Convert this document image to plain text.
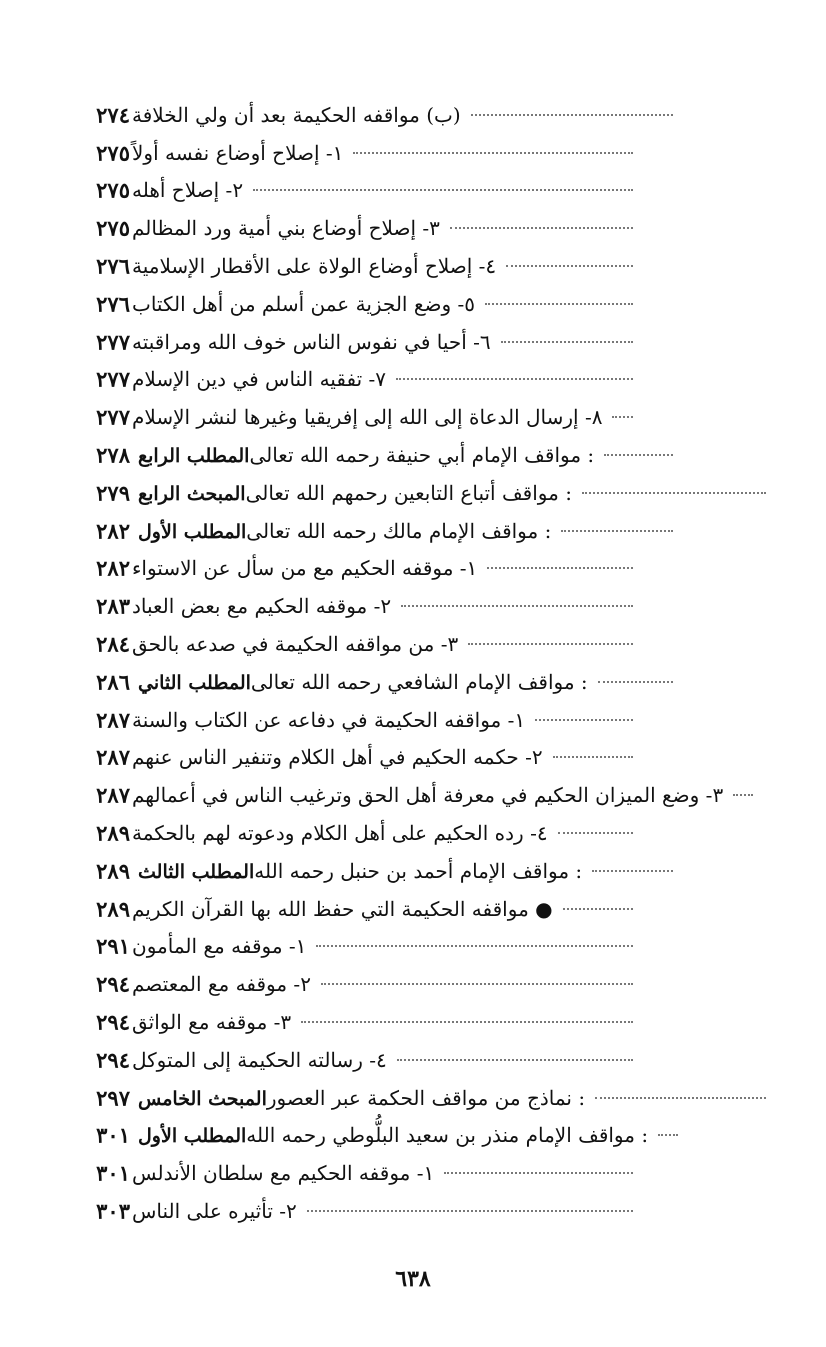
٢٧٤ (ب) مواقفه الحكيمة بعد أن ولي الخلافة
٢٧٥ ١- إصلاح أوضاع نفسه أولاً
٢٧٥ ٢- إصلاح أهله
٢٧٥ ٣- إصلاح أوضاع بني أمية ورد المظالم
٢٧٦ ٤- إصلاح أوضاع الولاة على الأقطار الإسلامية
٢٧٦ ٥- وضع الجزية عمن أسلم من أهل الكتاب
٢٧٧ ٦- أحيا في نفوس الناس خوف الله ومراقبته
٢٧٧ ٧- تفقيه الناس في دين الإسلام
٢٧٧ ٨- إرسال الدعاة إلى الله إلى إفريقيا وغيرها لنشر الإسلام
٢٧٨ المطلب الرابع : مواقف الإمام أبي حنيفة رحمه الله تعالى
٢٧٩ المبحث الرابع : مواقف أتباع التابعين رحمهم الله تعالى
٢٨٢ المطلب الأول : مواقف الإمام مالك رحمه الله تعالى
٢٨٢ ١- موقفه الحكيم مع من سأل عن الاستواء
٢٨٣ ٢- موقفه الحكيم مع بعض العباد
٢٨٤ ٣- من مواقفه الحكيمة في صدعه بالحق
٢٨٦ المطلب الثاني : مواقف الإمام الشافعي رحمه الله تعالى
٢٨٧ ١- مواقفه الحكيمة في دفاعه عن الكتاب والسنة
٢٨٧ ٢- حكمه الحكيم في أهل الكلام وتنفير الناس عنهم
٢٨٧ ٣- وضع الميزان الحكيم في معرفة أهل الحق وترغيب الناس في أعمالهم
٢٨٩ ٤- رده الحكيم على أهل الكلام ودعوته لهم بالحكمة
٢٨٩ المطلب الثالث : مواقف الإمام أحمد بن حنبل رحمه الله
٢٨٩ ● مواقفه الحكيمة التي حفظ الله بها القرآن الكريم
٢٩١ ١- موقفه مع المأمون
٢٩٤ ٢- موقفه مع المعتصم
٢٩٤ ٣- موقفه مع الواثق
٢٩٤ ٤- رسالته الحكيمة إلى المتوكل
٢٩٧ المبحث الخامس : نماذج من مواقف الحكمة عبر العصور
٣٠١ المطلب الأول : مواقف الإمام منذر بن سعيد البلُّوطي رحمه الله
٣٠١ ١- موقفه الحكيم مع سلطان الأندلس
٣٠٣ ٢- تأثيره على الناس
٦٣٨
